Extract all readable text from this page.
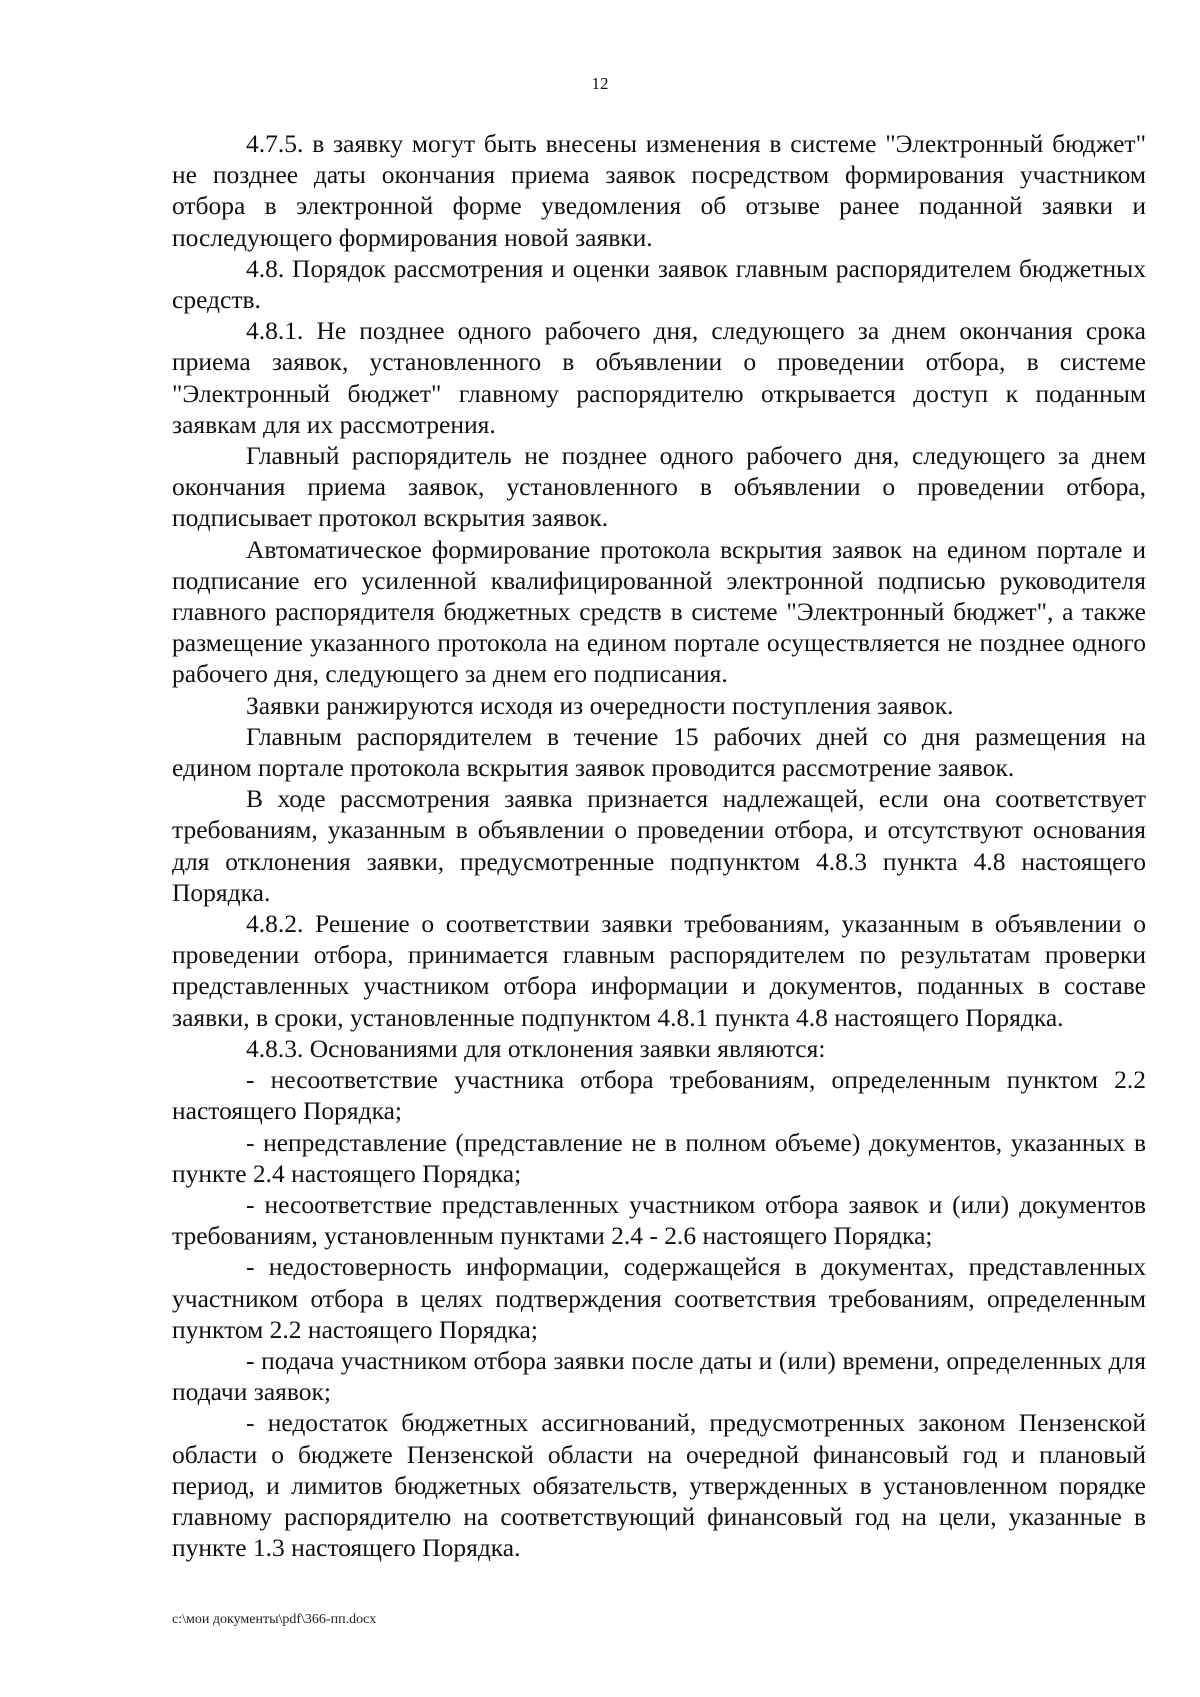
12

4.7.5. в заявку могут быть внесены изменения в системе "Электронный бюджет" не позднее даты окончания приема заявок посредством формирования участником отбора в электронной форме уведомления об отзыве ранее поданной заявки и последующего формирования новой заявки.

4.8. Порядок рассмотрения и оценки заявок главным распорядителем бюджетных средств.

4.8.1. Не позднее одного рабочего дня, следующего за днем окончания срока приема заявок, установленного в объявлении о проведении отбора, в системе "Электронный бюджет" главному распорядителю открывается доступ к поданным заявкам для их рассмотрения.

Главный распорядитель не позднее одного рабочего дня, следующего за днем окончания приема заявок, установленного в объявлении о проведении отбора, подписывает протокол вскрытия заявок.

Автоматическое формирование протокола вскрытия заявок на едином портале и подписание его усиленной квалифицированной электронной подписью руководителя главного распорядителя бюджетных средств в системе "Электронный бюджет", а также размещение указанного протокола на едином портале осуществляется не позднее одного рабочего дня, следующего за днем его подписания.

Заявки ранжируются исходя из очередности поступления заявок.

Главным распорядителем в течение 15 рабочих дней со дня размещения на едином портале протокола вскрытия заявок проводится рассмотрение заявок.

В ходе рассмотрения заявка признается надлежащей, если она соответствует требованиям, указанным в объявлении о проведении отбора, и отсутствуют основания для отклонения заявки, предусмотренные подпунктом 4.8.3 пункта 4.8 настоящего Порядка.

4.8.2. Решение о соответствии заявки требованиям, указанным в объявлении о проведении отбора, принимается главным распорядителем по результатам проверки представленных участником отбора информации и документов, поданных в составе заявки, в сроки, установленные подпунктом 4.8.1 пункта 4.8 настоящего Порядка.

4.8.3. Основаниями для отклонения заявки являются:

- несоответствие участника отбора требованиям, определенным пунктом 2.2 настоящего Порядка;

- непредставление (представление не в полном объеме) документов, указанных в пункте 2.4 настоящего Порядка;

- несоответствие представленных участником отбора заявок и (или) документов требованиям, установленным пунктами 2.4 - 2.6 настоящего Порядка;

- недостоверность информации, содержащейся в документах, представленных участником отбора в целях подтверждения соответствия требованиям, определенным пунктом 2.2 настоящего Порядка;

- подача участником отбора заявки после даты и (или) времени, определенных для подачи заявок;

- недостаток бюджетных ассигнований, предусмотренных законом Пензенской области о бюджете Пензенской области на очередной финансовый год и плановый период, и лимитов бюджетных обязательств, утвержденных в установленном порядке главному распорядителю на соответствующий финансовый год на цели, указанные в пункте 1.3 настоящего Порядка.

c:\мои документы\pdf\366-пп.docx
